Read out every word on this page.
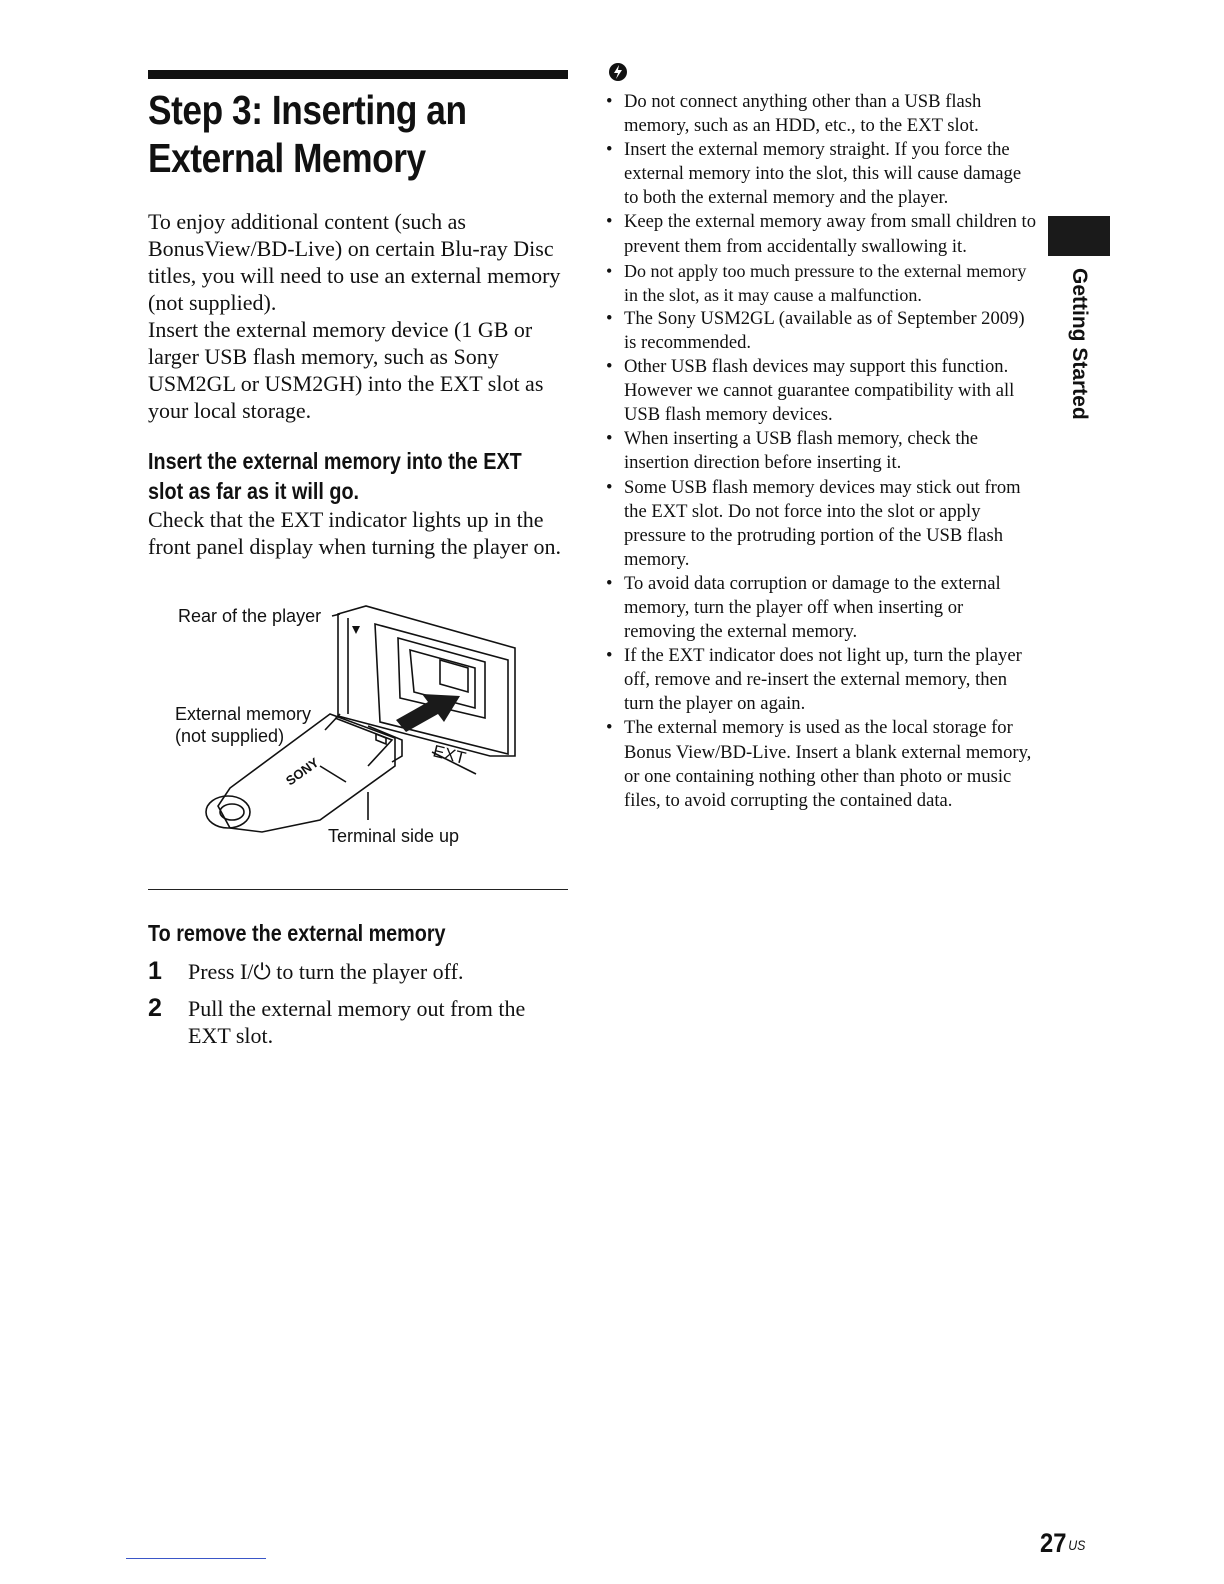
Step 3: Inserting an
External Memory

To enjoy additional content (such as BonusView/BD-Live) on certain Blu-ray Disc titles, you will need to use an external memory (not supplied).

Insert the external memory device (1 GB or larger USB flash memory, such as Sony USM2GL or USM2GH) into the EXT slot as your local storage.

Insert the external memory into the EXT slot as far as it will go.

Check that the EXT indicator lights up in the front panel display when turning the player on.

EXT
SONY
Rear of the player
External memory
(not supplied)
Terminal side up
To remove the external memory
1	Press I/⏻ to turn the player off.
2	Pull the external memory out from the EXT slot.
• Do not connect anything other than a USB flash memory, such as an HDD, etc., to the EXT slot.
• Insert the external memory straight. If you force the external memory into the slot, this will cause damage to both the external memory and the player.
• Keep the external memory away from small children to prevent them from accidentally swallowing it.
• Do not apply too much pressure to the external memory in the slot, as it may cause a malfunction.
• The Sony USM2GL (available as of September 2009) is recommended.
• Other USB flash devices may support this function. However we cannot guarantee compatibility with all USB flash memory devices.
• When inserting a USB flash memory, check the insertion direction before inserting it.
• Some USB flash memory devices may stick out from the EXT slot. Do not force into the slot or apply pressure to the protruding portion of the USB flash memory.
• To avoid data corruption or damage to the external memory, turn the player off when inserting or removing the external memory.
• If the EXT indicator does not light up, turn the player off, remove and re-insert the external memory, then turn the player on again.
• The external memory is used as the local storage for Bonus View/BD-Live. Insert a blank external memory, or one containing nothing other than photo or music files, to avoid corrupting the contained data.
Getting Started
27 $^{US}$
